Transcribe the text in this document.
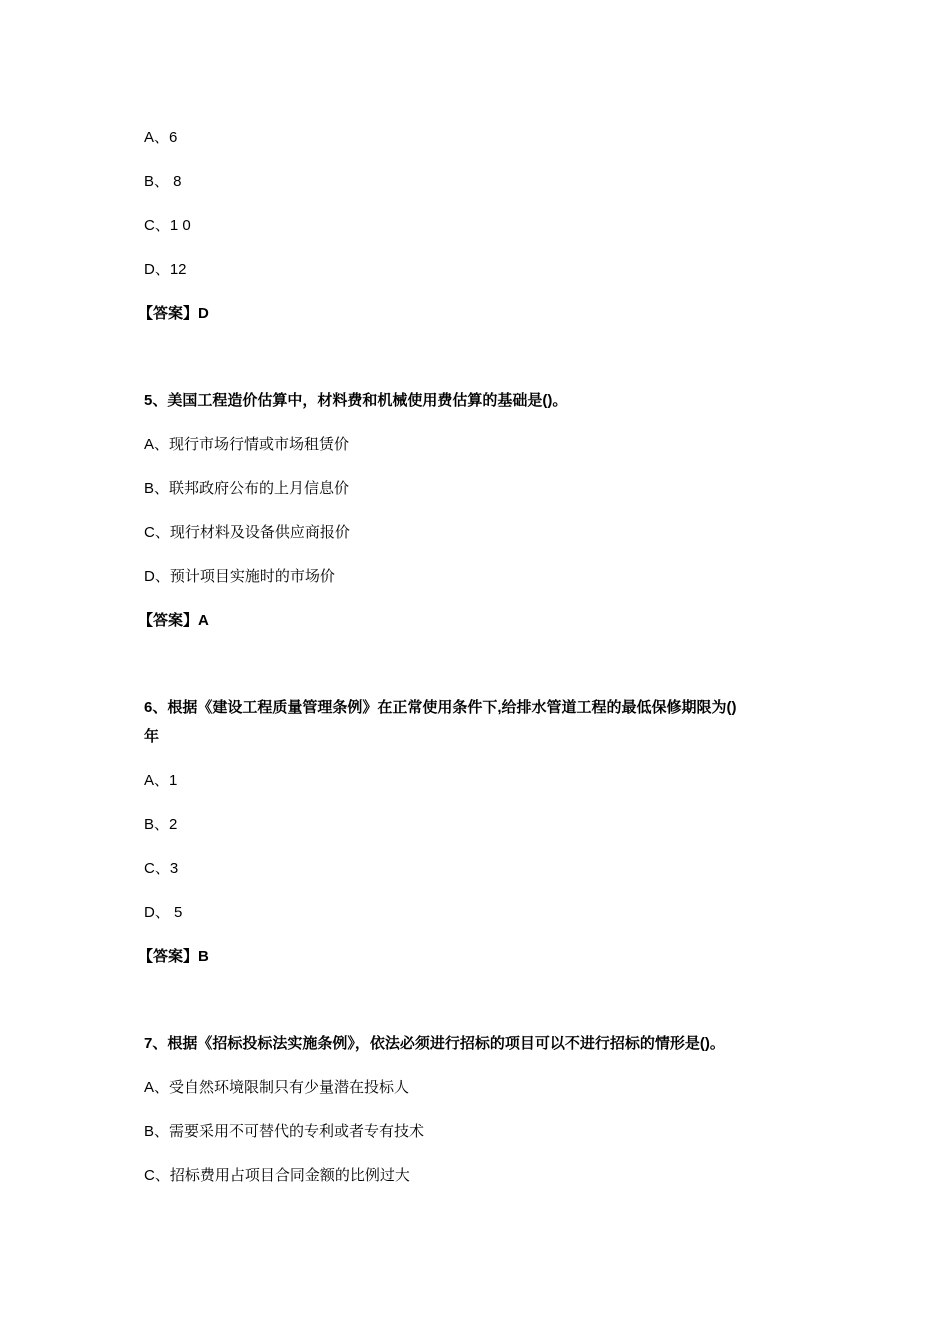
A、6
B、 8
C、1 0
D、12
【答案】D
5、美国工程造价估算中，材料费和机械使用费估算的基础是()。
A、现行市场行情或市场租赁价
B、联邦政府公布的上月信息价
C、现行材料及设备供应商报价
D、预计项目实施时的市场价
【答案】A
6、根据《建设工程质量管理条例》在正常使用条件下,给排水管道工程的最低保修期限为()
年
A、1
B、2
C、3
D、 5
【答案】B
7、根据《招标投标法实施条例》，依法必须进行招标的项目可以不进行招标的情形是()。
A、受自然环境限制只有少量潜在投标人
B、需要采用不可替代的专利或者专有技术
C、招标费用占项目合同金额的比例过大
